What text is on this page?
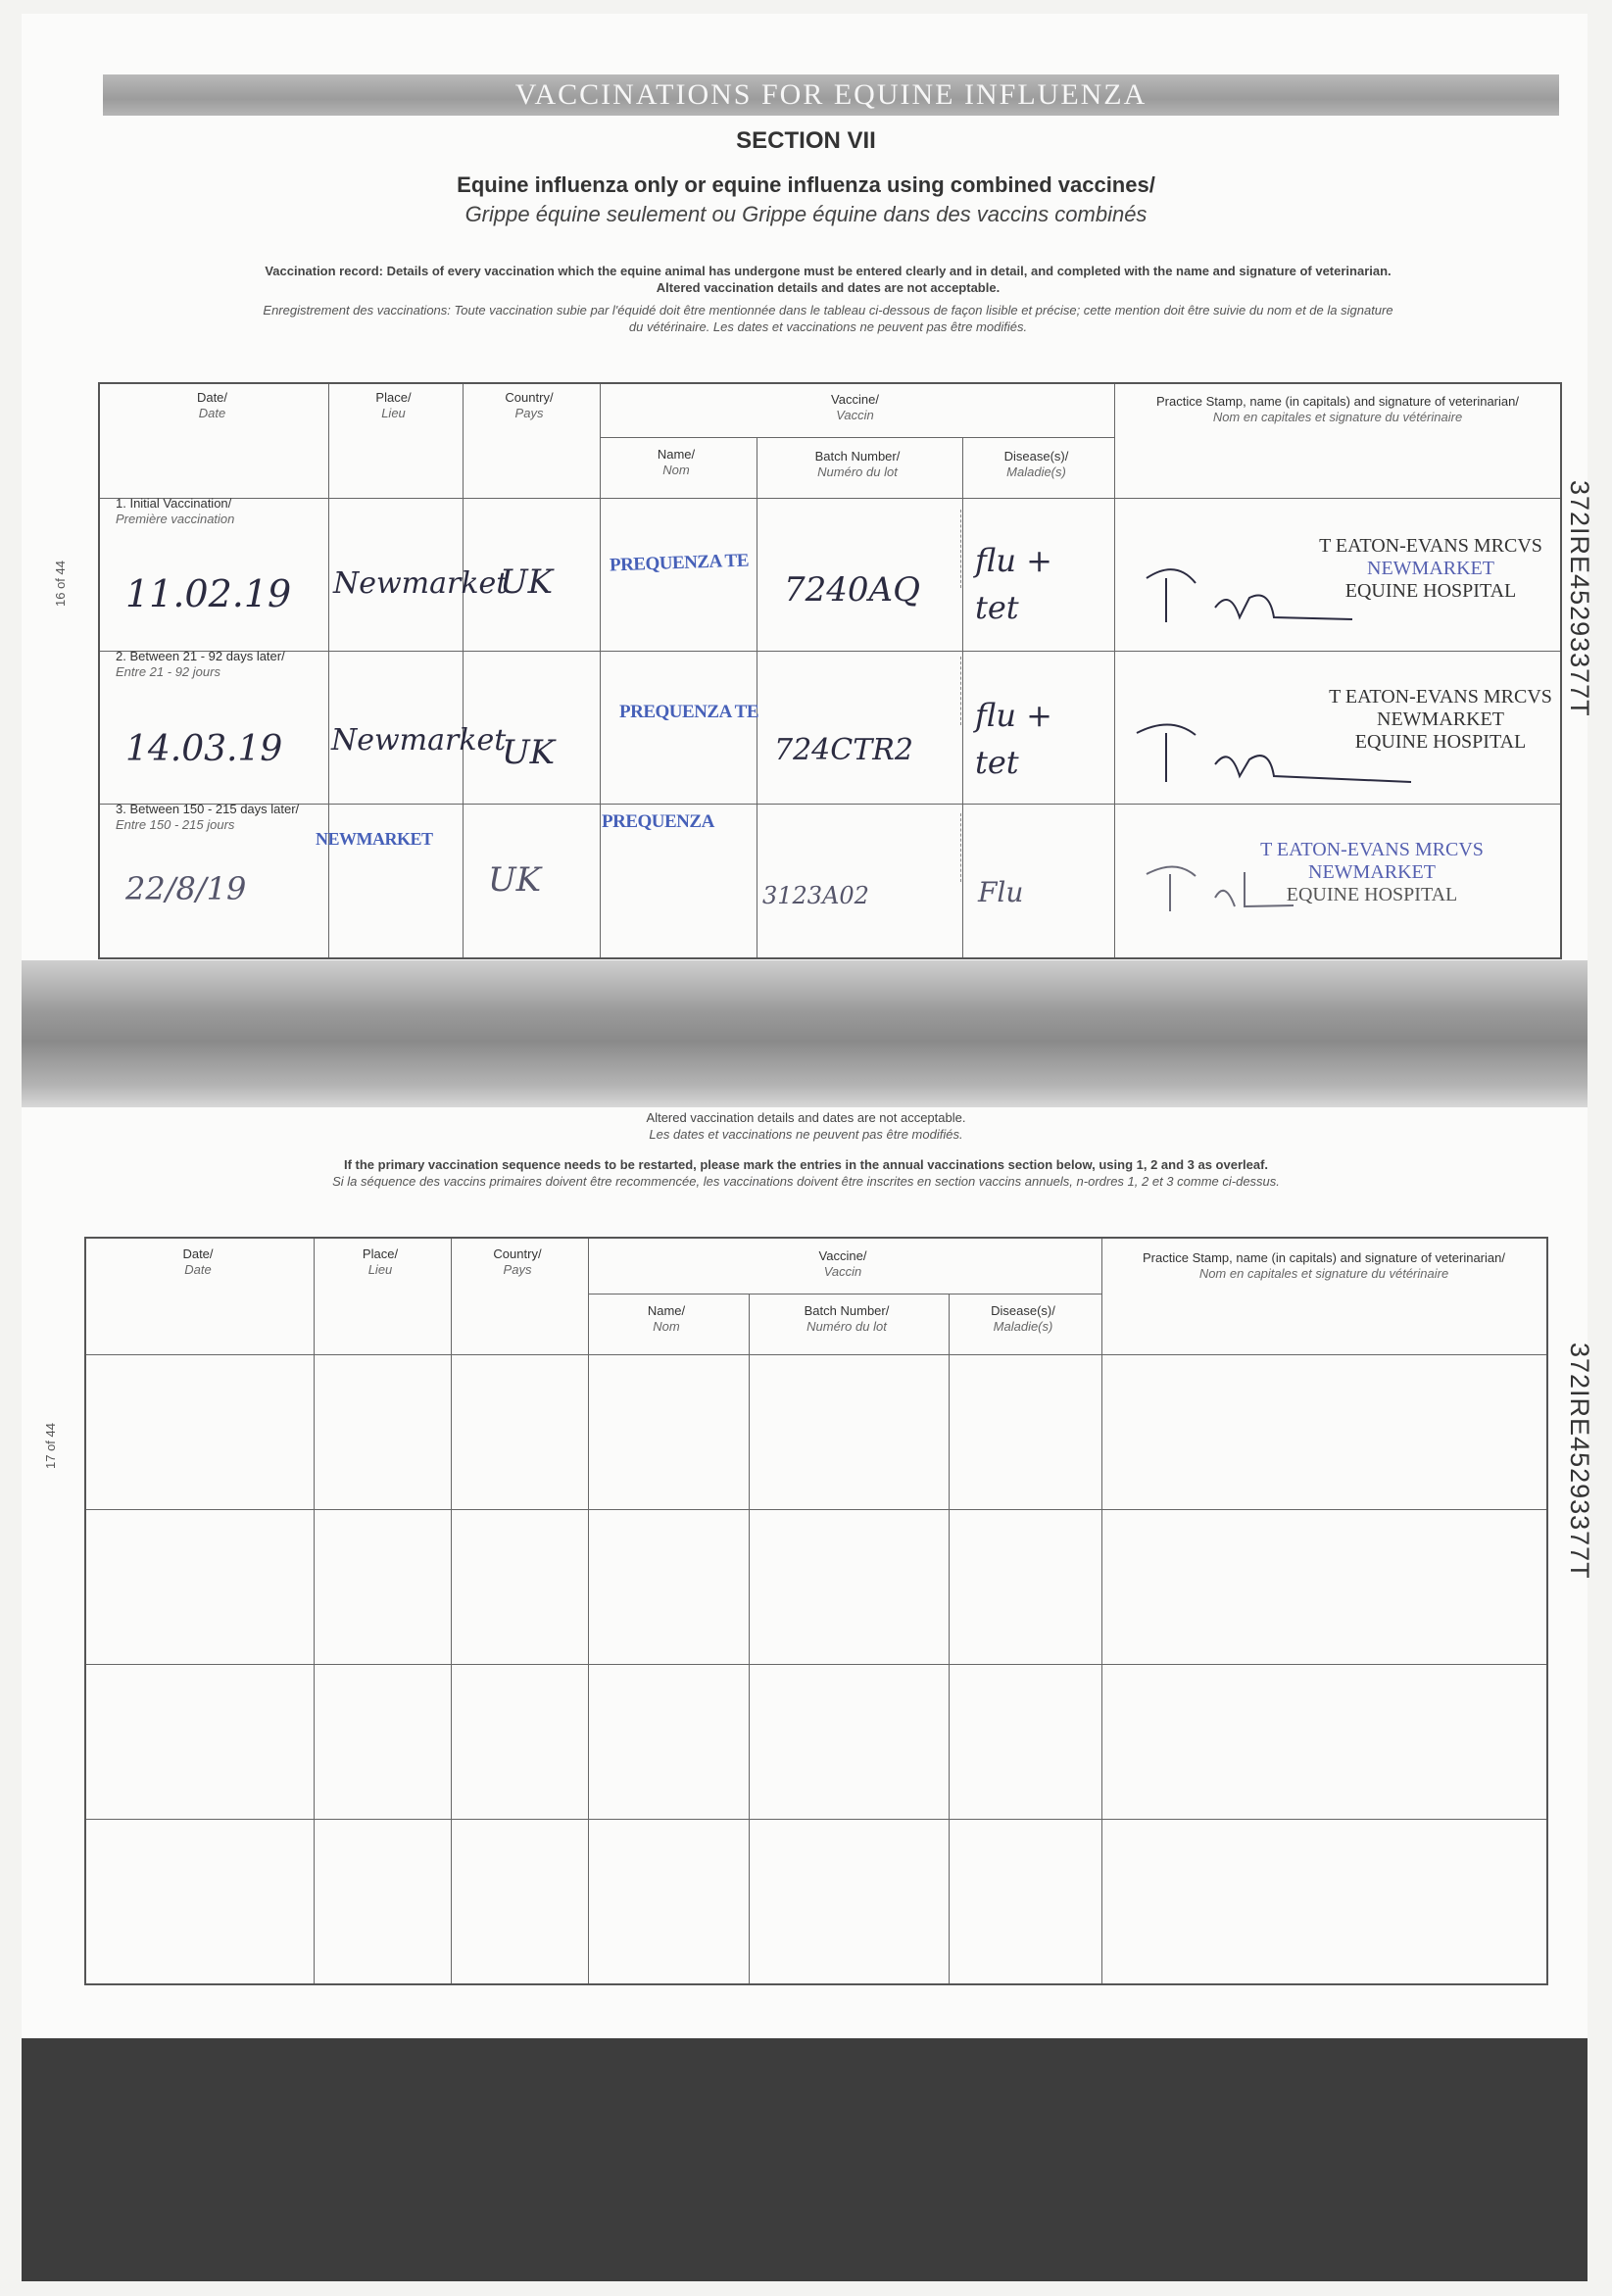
VACCINATIONS FOR EQUINE INFLUENZA
SECTION VII
Equine influenza only or equine influenza using combined vaccines/
Grippe équine seulement ou Grippe équine dans des vaccins combinés
Vaccination record: Details of every vaccination which the equine animal has undergone must be entered clearly and in detail, and completed with the name and signature of veterinarian.
Altered vaccination details and dates are not acceptable.
Enregistrement des vaccinations: Toute vaccination subie par l'équidé doit être mentionnée dans le tableau ci-dessous de façon lisible et précise; cette mention doit être suivie du nom et de la signature
du vétérinaire. Les dates et vaccinations ne peuvent pas être modifiés.
372IRE45293377T
372IRE45293377T
16 of 44
17 of 44
Date/
Date
Place/
Lieu
Country/
Pays
Vaccine/
Vaccin
Name/
Nom
Batch Number/
Numéro du lot
Disease(s)/
Maladie(s)
Practice Stamp, name (in capitals) and signature of veterinarian/
Nom en capitales et signature du vétérinaire
1. Initial Vaccination/
Première vaccination
11.02.19 Newmarket
UK	PREQUENZA TE
7240AQ
flu + tet
T EATON-EVANS MRCVS
NEWMARKET
EQUINE HOSPITAL
2. Between 21 - 92 days later/
Entre 21 - 92 jours
14.03.19 Newmarket
UK
PREQUENZA TE
724CTR2
flu + tet
T EATON-EVANS MRCVS
NEWMARKET
EQUINE HOSPITAL
3. Between 150 - 215 days later/
Entre 150 - 215 jours
22/8/19
NEWMARKET
UK
PREQUENZA
3123A02	Flu
T EATON-EVANS MRCVS
NEWMARKET
EQUINE HOSPITAL
Altered vaccination details and dates are not acceptable.
Les dates et vaccinations ne peuvent pas être modifiés.
If the primary vaccination sequence needs to be restarted, please mark the entries in the annual vaccinations section below, using 1, 2 and 3 as overleaf.
Si la séquence des vaccins primaires doivent être recommencée, les vaccinations doivent être inscrites en section vaccins annuels, n-ordres 1, 2 et 3 comme ci-dessus.
Date/
Date
Place/
Lieu
Country/
Pays
Vaccine/
Vaccin
Name/
Nom
Batch Number/
Numéro du lot
Disease(s)/
Maladie(s)
Practice Stamp, name (in capitals) and signature of veterinarian/
Nom en capitales et signature du vétérinaire
